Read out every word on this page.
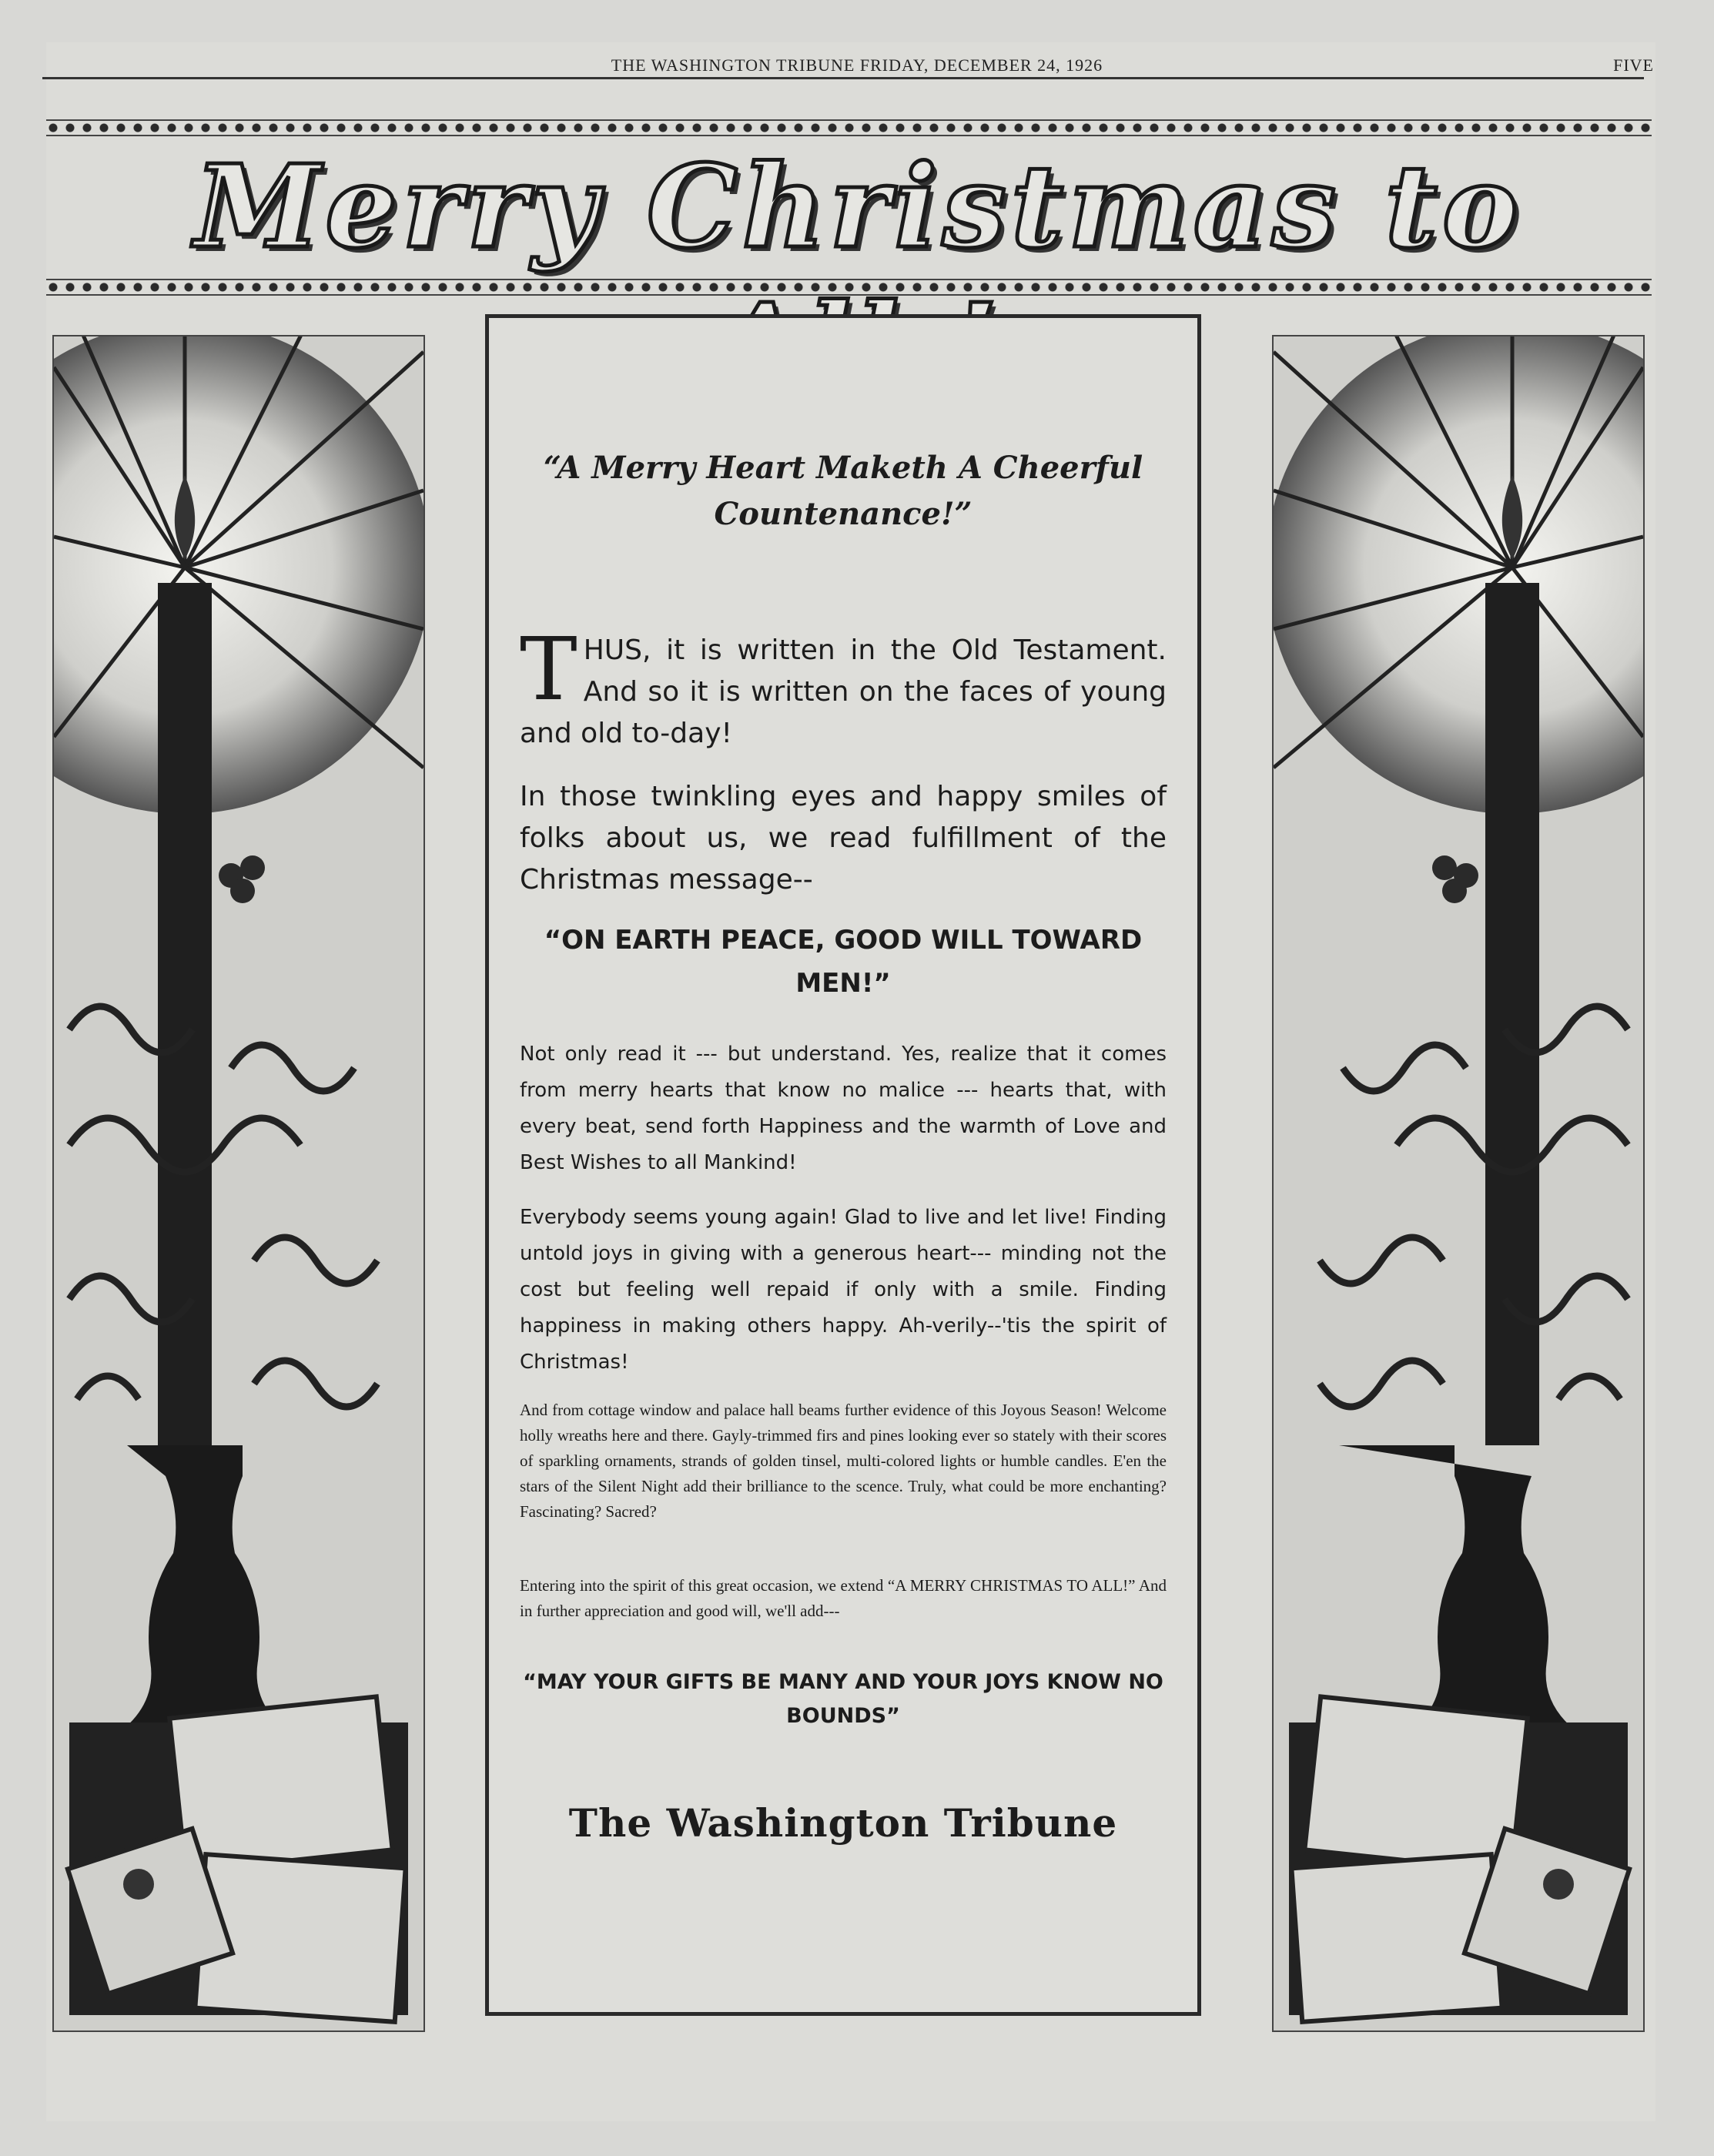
THE WASHINGTON TRIBUNE FRIDAY, DECEMBER 24, 1926	FIVE
Merry Christmas to
“A Merry Heart Maketh A Cheerful Countenance!”
THUS, it is written in the Old Testament. And so it is written on the faces of young and old to-day!
In those twinkling eyes and happy smiles of folks about us, we read fulfillment of the Christmas message--
“ON EARTH PEACE, GOOD WILL TOWARD MEN!”
Not only read it --- but understand. Yes, realize that it comes from merry hearts that know no malice --- hearts that, with every beat, send forth Happiness and the warmth of Love and Best Wishes to all Mankind!
Everybody seems young again! Glad to live and let live! Finding untold joys in giving with a generous heart--- minding not the cost but feeling well repaid if only with a smile. Finding happiness in making others happy. Ah-verily--'tis the spirit of Christmas!
And from cottage window and palace hall beams further evidence of this Joyous Season! Welcome holly wreaths here and there. Gayly-trimmed firs and pines looking ever so stately with their scores of sparkling ornaments, strands of golden tinsel, multi-colored lights or humble candles. E'en the stars of the Silent Night add their brilliance to the scence. Truly, what could be more enchanting? Fascinating? Sacred?
Entering into the spirit of this great occasion, we extend “A MERRY CHRISTMAS TO ALL!” And in further appreciation and good will, we'll add---
“MAY YOUR GIFTS BE MANY AND YOUR JOYS KNOW NO BOUNDS”
The Washington Tribune
